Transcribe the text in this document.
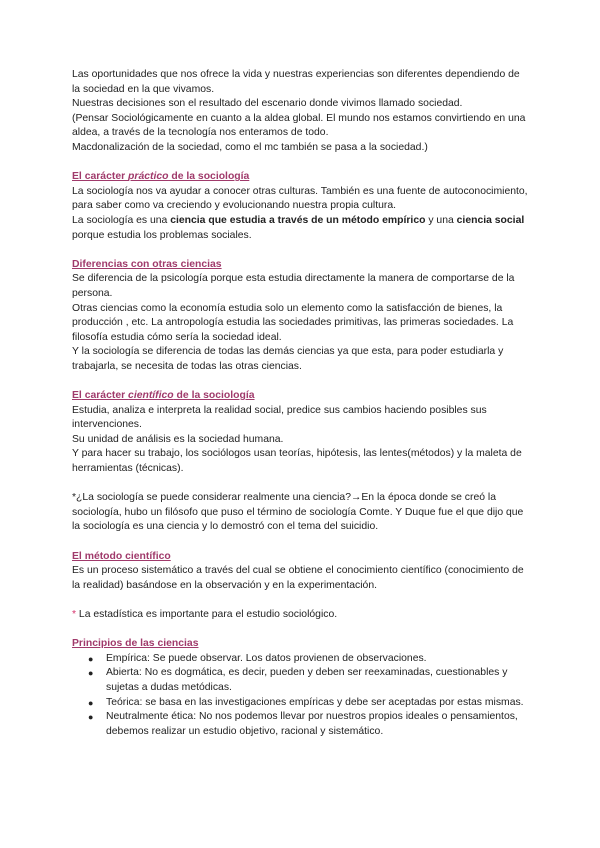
Las oportunidades que nos ofrece la vida y nuestras experiencias son diferentes dependiendo de la sociedad en la que vivamos.

Nuestras decisiones son el resultado del escenario donde vivimos llamado sociedad.

(Pensar Sociológicamente en cuanto a la aldea global. El mundo nos estamos convirtiendo en una aldea, a través de la tecnología nos enteramos de todo.

Macdonalización de la sociedad, como el mc también se pasa a la sociedad.)

El carácter práctico de la sociología

La sociología nos va ayudar a conocer otras culturas. También es una fuente de autoconocimiento, para saber como va creciendo y evolucionando nuestra propia cultura.

La sociología es una ciencia que estudia a través de un método empírico y una ciencia social porque estudia los problemas sociales.

Diferencias con otras ciencias

Se diferencia de la psicología porque esta estudia directamente la manera de comportarse de la persona.

Otras ciencias como la economía estudia solo un elemento como la satisfacción de bienes, la producción , etc. La antropología estudia las sociedades primitivas, las primeras sociedades. La filosofía estudia cómo sería la sociedad ideal.

Y la sociología se diferencia de todas las demás ciencias ya que esta, para poder estudiarla y trabajarla, se necesita de todas las otras ciencias.

El carácter científico de la sociología

Estudia, analiza e interpreta la realidad social, predice sus cambios haciendo posibles sus intervenciones.

Su unidad de análisis es la sociedad humana.

Y para hacer su trabajo, los sociólogos usan teorías, hipótesis, las lentes(métodos) y la maleta de herramientas (técnicas).

*¿La sociología se puede considerar realmente una ciencia?→En la época donde se creó la sociología, hubo un filósofo que puso el término de sociología Comte. Y Duque fue el que dijo que la sociología es una ciencia y lo demostró con el tema del suicidio.

El método científico

Es un proceso sistemático a través del cual se obtiene el conocimiento científico (conocimiento de la realidad) basándose en la observación y en la experimentación.

* La estadística es importante para el estudio sociológico.

Principios de las ciencias

● Empírica: Se puede observar. Los datos provienen de observaciones.
● Abierta: No es dogmática, es decir, pueden y deben ser reexaminadas, cuestionables y sujetas a dudas metódicas.
● Teórica: se basa en las investigaciones empíricas y debe ser aceptadas por estas mismas.
● Neutralmente ética: No nos podemos llevar por nuestros propios ideales o pensamientos, debemos realizar un estudio objetivo, racional y sistemático.
